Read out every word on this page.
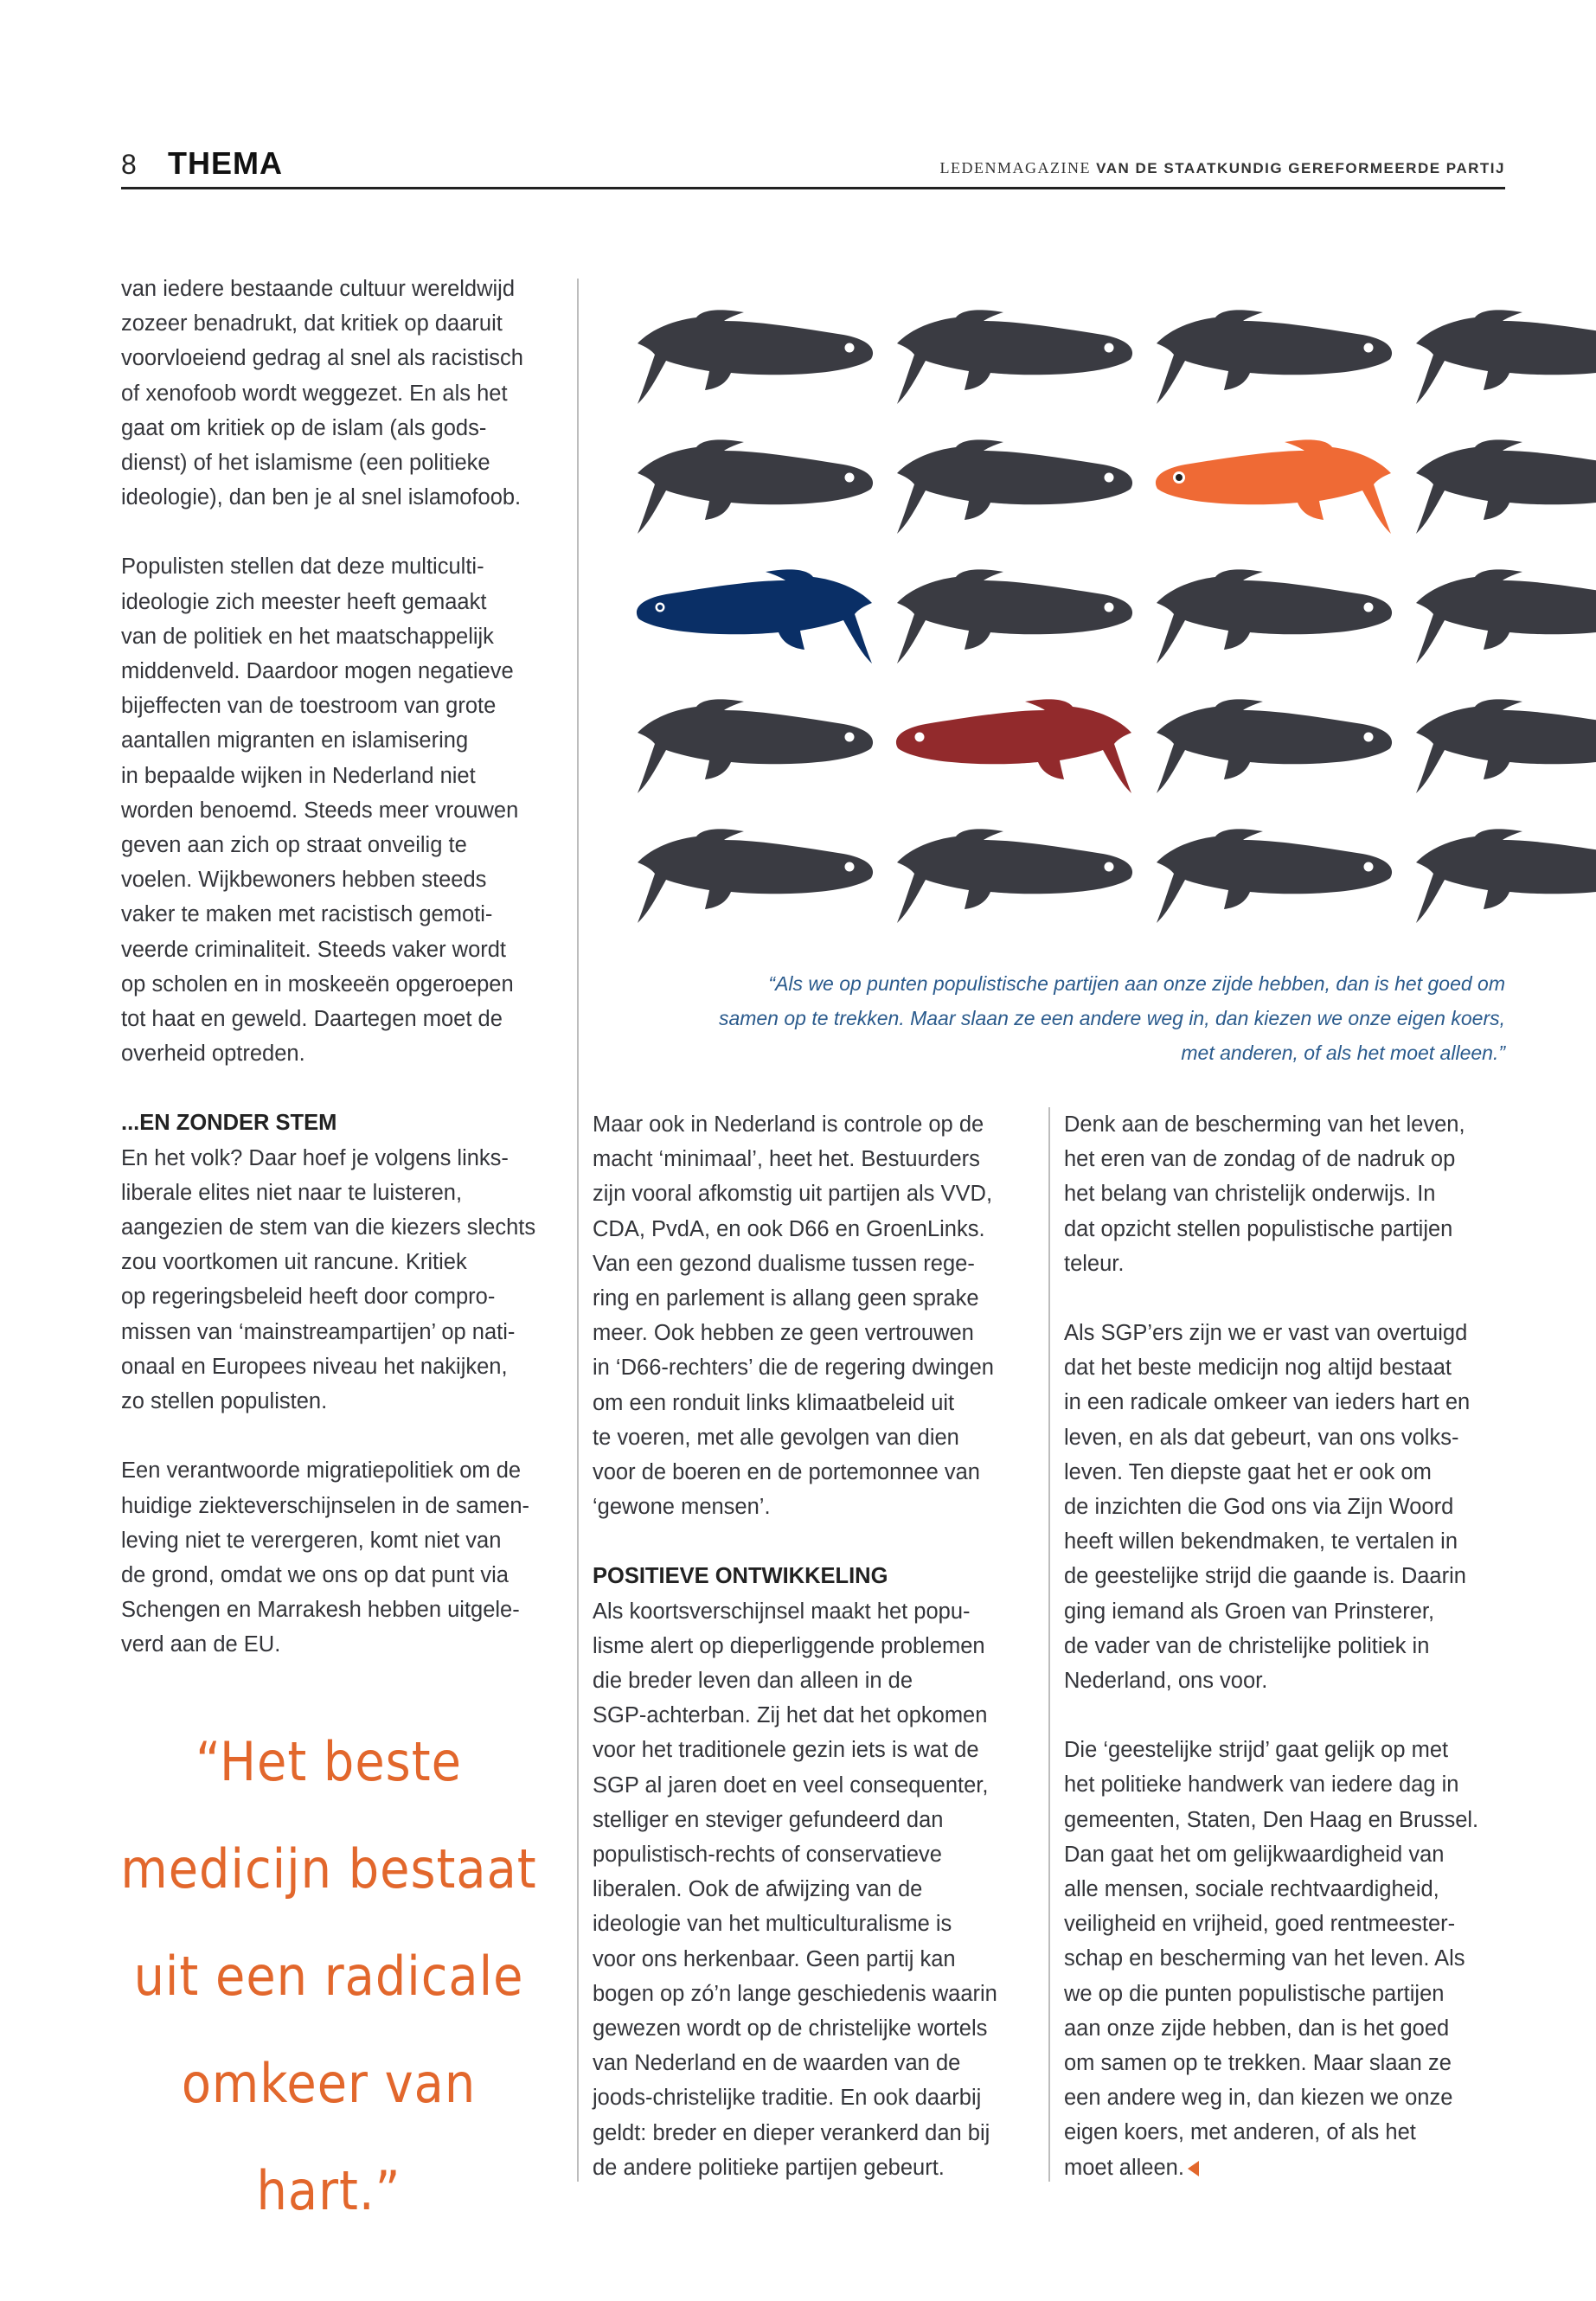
8 THEMA	LEDENMAGAZINE VAN DE STAATKUNDIG GEREFORMEERDE PARTIJ

van iedere bestaande cultuur wereldwijd
zozeer benadrukt, dat kritiek op daaruit
voorvloeiend gedrag al snel als racistisch
of xenofoob wordt weggezet. En als het
gaat om kritiek op de islam (als gods-
dienst) of het islamisme (een politieke
ideologie), dan ben je al snel islamofoob.

Populisten stellen dat deze multiculti-
ideologie zich meester heeft gemaakt
van de politiek en het maatschappelijk
middenveld. Daardoor mogen negatieve
bijeffecten van de toestroom van grote
aantallen migranten en islamisering
in bepaalde wijken in Nederland niet
worden benoemd. Steeds meer vrouwen
geven aan zich op straat onveilig te
voelen. Wijkbewoners hebben steeds
vaker te maken met racistisch gemoti-
veerde criminaliteit. Steeds vaker wordt
op scholen en in moskeeën opgeroepen
tot haat en geweld. Daartegen moet de
overheid optreden.

...EN ZONDER STEM

En het volk? Daar hoef je volgens links-
liberale elites niet naar te luisteren,
aangezien de stem van die kiezers slechts
zou voortkomen uit rancune. Kritiek
op regeringsbeleid heeft door compro-
missen van ‘mainstreampartijen’ op nati-
onaal en Europees niveau het nakijken,
zo stellen populisten.

Een verantwoorde migratiepolitiek om de
huidige ziekteverschijnselen in de samen-
leving niet te verergeren, komt niet van
de grond, omdat we ons op dat punt via
Schengen en Marrakesh hebben uitgele-
verd aan de EU.

“Als we op punten populistische partijen aan onze zijde hebben, dan is het goed om
samen op te trekken. Maar slaan ze een andere weg in, dan kiezen we onze eigen koers,
met anderen, of als het moet alleen.”
“Het beste
medicijn bestaat
uit een radicale
omkeer van hart.”

Maar ook in Nederland is controle op de
macht ‘minimaal’, heet het. Bestuurders
zijn vooral afkomstig uit partijen als VVD,
CDA, PvdA, en ook D66 en GroenLinks.
Van een gezond dualisme tussen rege-
ring en parlement is allang geen sprake
meer. Ook hebben ze geen vertrouwen
in ‘D66-rechters’ die de regering dwingen
om een ronduit links klimaatbeleid uit
te voeren, met alle gevolgen van dien
voor de boeren en de portemonnee van
‘gewone mensen’.

POSITIEVE ONTWIKKELING

Als koortsverschijnsel maakt het popu-
lisme alert op dieperliggende problemen
die breder leven dan alleen in de
SGP-achterban. Zij het dat het opkomen
voor het traditionele gezin iets is wat de
SGP al jaren doet en veel consequenter,
stelliger en steviger gefundeerd dan
populistisch-rechts of conservatieve
liberalen. Ook de afwijzing van de
ideologie van het multiculturalisme is
voor ons herkenbaar. Geen partij kan
bogen op zó’n lange geschiedenis waarin
gewezen wordt op de christelijke wortels
van Nederland en de waarden van de
joods-christelijke traditie. En ook daarbij
geldt: breder en dieper verankerd dan bij
de andere politieke partijen gebeurt.

Denk aan de bescherming van het leven,
het eren van de zondag of de nadruk op
het belang van christelijk onderwijs. In
dat opzicht stellen populistische partijen
teleur.

Als SGP’ers zijn we er vast van overtuigd
dat het beste medicijn nog altijd bestaat
in een radicale omkeer van ieders hart en
leven, en als dat gebeurt, van ons volks-
leven. Ten diepste gaat het er ook om
de inzichten die God ons via Zijn Woord
heeft willen bekendmaken, te vertalen in
de geestelijke strijd die gaande is. Daarin
ging iemand als Groen van Prinsterer,
de vader van de christelijke politiek in
Nederland, ons voor.

Die ‘geestelijke strijd’ gaat gelijk op met
het politieke handwerk van iedere dag in
gemeenten, Staten, Den Haag en Brussel.
Dan gaat het om gelijkwaardigheid van
alle mensen, sociale rechtvaardigheid,
veiligheid en vrijheid, goed rentmeester-
schap en bescherming van het leven. Als
we op die punten populistische partijen
aan onze zijde hebben, dan is het goed
om samen op te trekken. Maar slaan ze
een andere weg in, dan kiezen we onze
eigen koers, met anderen, of als het
moet alleen.
